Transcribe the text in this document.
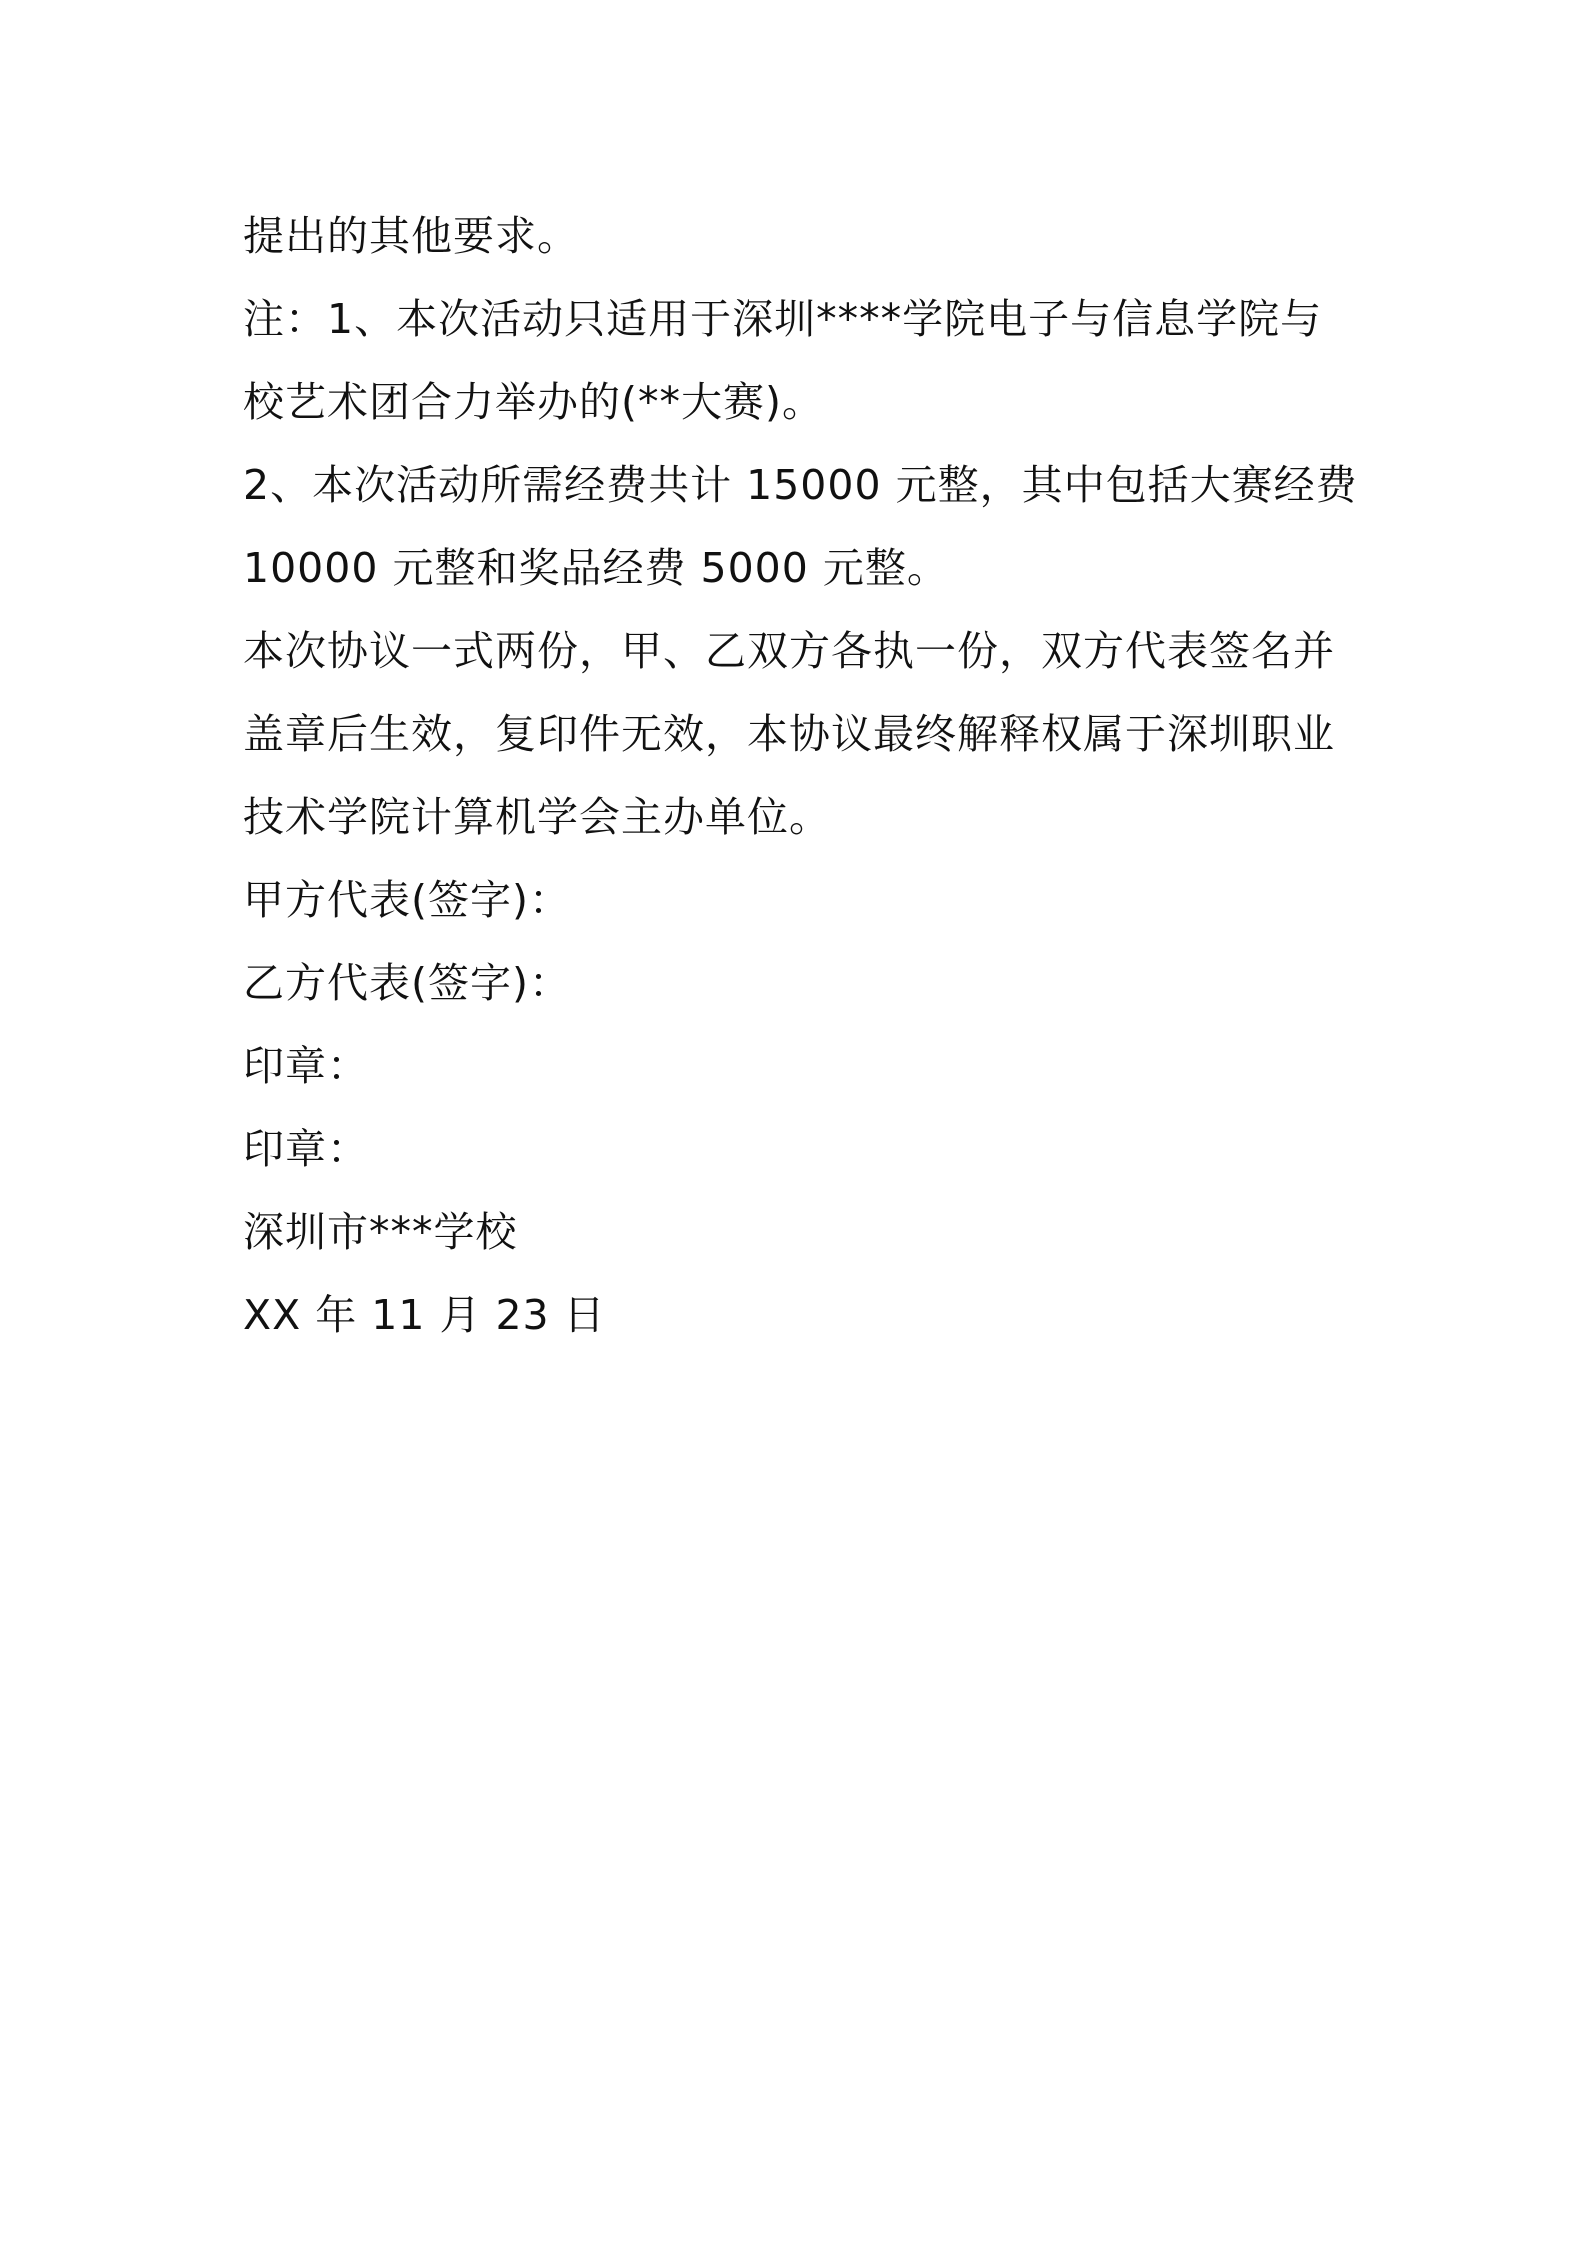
提出的其他要求。
注：1、本次活动只适用于深圳****学院电子与信息学院与
校艺术团合力举办的(**大赛)。
2、本次活动所需经费共计 15000 元整，其中包括大赛经费
10000 元整和奖品经费 5000 元整。
本次协议一式两份，甲、乙双方各执一份，双方代表签名并
盖章后生效，复印件无效，本协议最终解释权属于深圳职业
技术学院计算机学会主办单位。
甲方代表(签字)：
乙方代表(签字)：
印章：
印章：
深圳市***学校
XX 年 11 月 23 日
